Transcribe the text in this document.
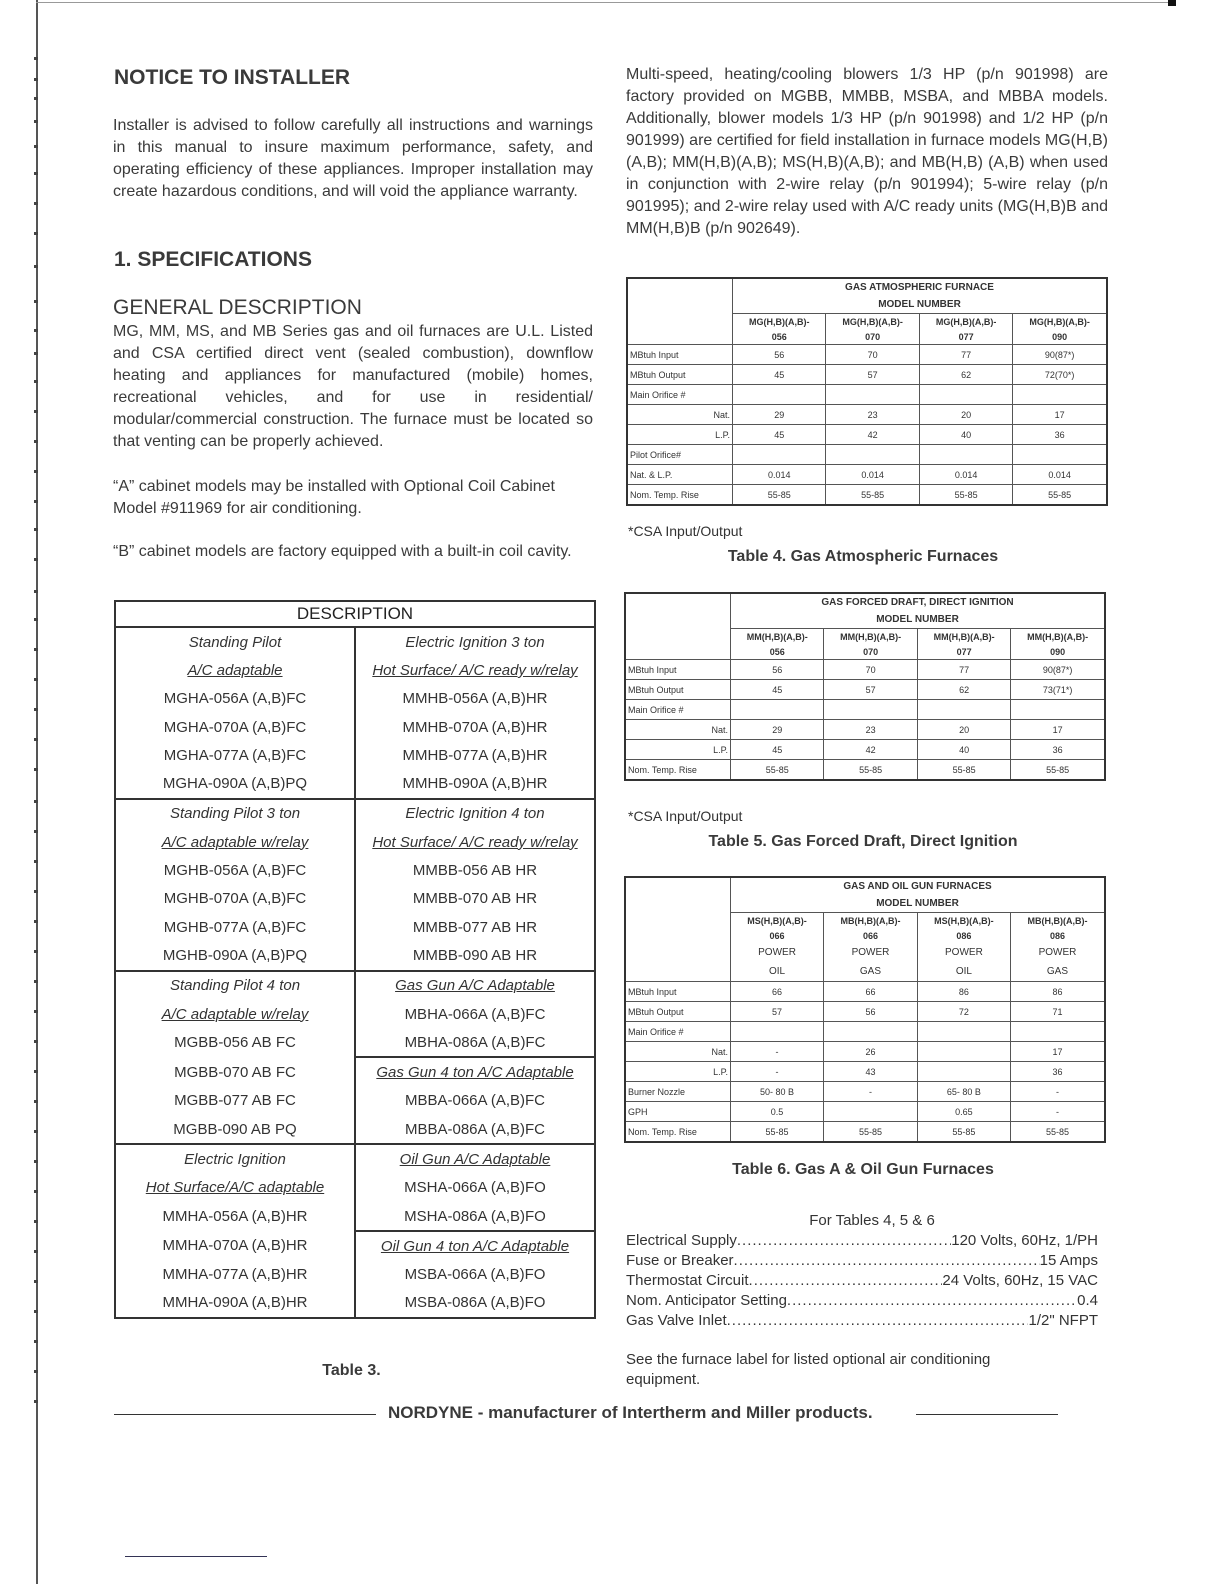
NOTICE TO INSTALLER
Installer is advised to follow carefully all instructions and warnings in this manual to insure maximum performance, safety, and operating efficiency of these appliances. Improper installation may create hazardous conditions, and will void the appliance warranty.
1. SPECIFICATIONS
GENERAL DESCRIPTION
MG, MM, MS, and MB Series gas and oil furnaces are U.L. Listed and CSA certified direct vent (sealed combustion), downflow heating and appliances for manufactured (mobile) homes, recreational vehicles, and for use in residential/ modular/commercial construction. The furnace must be located so that venting can be properly achieved.
“A” cabinet models may be installed with Optional Coil Cabinet Model #911969 for air conditioning.
“B” cabinet models are factory equipped with a built-in coil cavity.
DESCRIPTION	
Standing Pilot	Electric Ignition 3 ton
A/C adaptable	Hot Surface/ A/C ready w/relay
MGHA-056A (A,B)FC	MMHB-056A (A,B)HR
MGHA-070A (A,B)FC	MMHB-070A (A,B)HR
MGHA-077A (A,B)FC	MMHB-077A (A,B)HR
MGHA-090A (A,B)PQ	MMHB-090A (A,B)HR
Standing Pilot 3 ton	Electric Ignition 4 ton
A/C adaptable w/relay	Hot Surface/ A/C ready w/relay
MGHB-056A (A,B)FC	MMBB-056 AB HR
MGHB-070A (A,B)FC	MMBB-070 AB HR
MGHB-077A (A,B)FC	MMBB-077 AB HR
MGHB-090A (A,B)PQ	MMBB-090 AB HR
Standing Pilot 4 ton	Gas Gun A/C Adaptable
A/C adaptable w/relay	MBHA-066A (A,B)FC
MGBB-056 AB FC	MBHA-086A (A,B)FC
MGBB-070 AB FC	Gas Gun 4 ton A/C Adaptable
MGBB-077 AB FC	MBBA-066A (A,B)FC
MGBB-090 AB PQ	MBBA-086A (A,B)FC
Electric Ignition	Oil Gun A/C Adaptable
Hot Surface/A/C adaptable	MSHA-066A (A,B)FO
MMHA-056A (A,B)HR	MSHA-086A (A,B)FO
MMHA-070A (A,B)HR	Oil Gun 4 ton A/C Adaptable
MMHA-077A (A,B)HR	MSBA-066A (A,B)FO
MMHA-090A (A,B)HR	MSBA-086A (A,B)FO
Table 3.
Multi-speed, heating/cooling blowers 1/3 HP (p/n 901998) are factory provided on MGBB, MMBB, MSBA, and MBBA models. Additionally, blower models 1/3 HP (p/n 901998) and 1/2 HP (p/n 901999) are certified for field installation in furnace models MG(H,B)(A,B); MM(H,B)(A,B); MS(H,B)(A,B); and MB(H,B) (A,B) when used in conjunction with 2-wire relay (p/n 901994); 5-wire relay (p/n 901995); and 2-wire relay used with A/C ready units (MG(H,B)B and MM(H,B)B (p/n 902649).
	GAS ATMOSPHERIC FURNACE			
	MODEL NUMBER			
	MG(H,B)(A,B)-	MG(H,B)(A,B)-	MG(H,B)(A,B)-	MG(H,B)(A,B)-
	056	070	077	090
MBtuh Input	56	70	77	90(87*)
MBtuh Output	45	57	62	72(70*)
Main Orifice #				
Nat.	29	23	20	17
L.P.	45	42	40	36
Pilot Orifice#				
Nat. & L.P.	0.014	0.014	0.014	0.014
Nom. Temp. Rise	55-85	55-85	55-85	55-85
*CSA Input/Output
Table 4. Gas Atmospheric Furnaces
	GAS FORCED DRAFT, DIRECT IGNITION			
	MODEL NUMBER			
	MM(H,B)(A,B)-	MM(H,B)(A,B)-	MM(H,B)(A,B)-	MM(H,B)(A,B)-
	056	070	077	090
MBtuh Input	56	70	77	90(87*)
MBtuh Output	45	57	62	73(71*)
Main Orifice #				
Nat.	29	23	20	17
L.P.	45	42	40	36
Nom. Temp. Rise	55-85	55-85	55-85	55-85
*CSA Input/Output
Table 5. Gas Forced Draft, Direct Ignition
	GAS AND OIL GUN FURNACES			
	MODEL NUMBER			
	MS(H,B)(A,B)-	MB(H,B)(A,B)-	MS(H,B)(A,B)-	MB(H,B)(A,B)-
	066	066	086	086
	POWER	POWER	POWER	POWER
	OIL	GAS	OIL	GAS
MBtuh Input	66	66	86	86
MBtuh Output	57	56	72	71
Main Orifice #				
Nat.	-	26		17
L.P.	-	43		36
Burner Nozzle	50- 80 B	-	65- 80 B	-
GPH	0.5		0.65	-
Nom. Temp. Rise	55-85	55-85	55-85	55-85
Table 6. Gas A & Oil Gun Furnaces
For Tables 4, 5 & 6
Electrical Supply .....	120 Volts, 60Hz, 1/PH
Fuse or Breaker .....	15 Amps
Thermostat Circuit .....	24 Volts, 60Hz, 15 VAC
Nom. Anticipator Setting .....	0.4
Gas Valve Inlet .....	1/2" NFPT
See the furnace label for listed optional air conditioning equipment.
NORDYNE - manufacturer of Intertherm and Miller products.
